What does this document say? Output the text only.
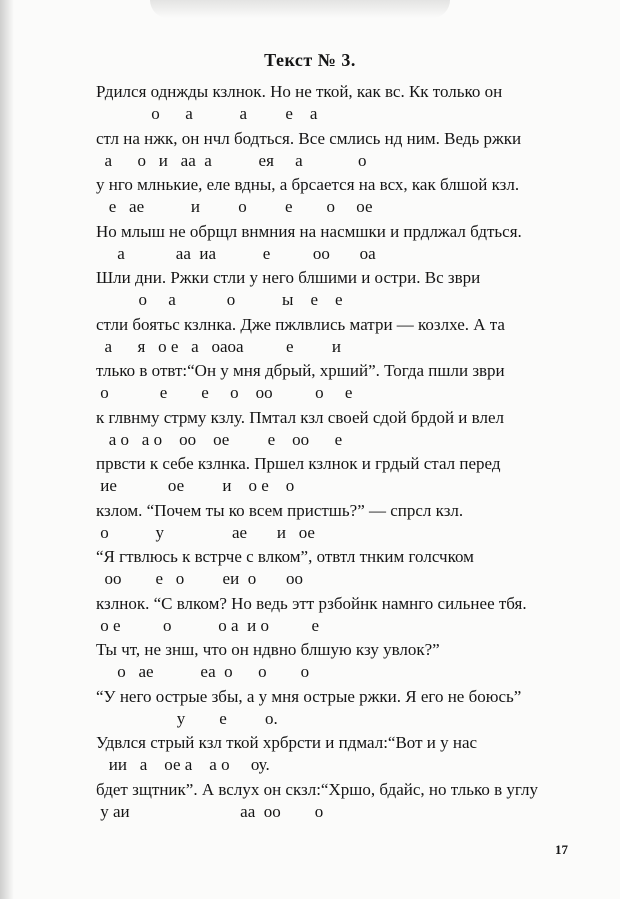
Текст № 3.
Рдился однжды кзлнок. Но не ткой, как вс. Кк только он
о      а           а         е    а
стл на нжк, он нчл бодться. Все смлись нд ним. Ведь ржки
а      о   и   аа  а           ея     а             о
у нго млнькие, еле вдны, а брсается на всх, как блшой кзл.
е   ае           и         о         е        о     ое
Но млыш не обрщл внмния на насмшки и прдлжал бдться.
а            аа  иа           е          оо       оа
Шли дни. Ржки стли у него блшими и остри. Вс зври
о     а            о           ы    е    е
стли боятьс кзлнка. Дже пжлвлись матри — козлхе. А та
а      я   о е   а   оаоа          е         и
тлько в отвт:“Он у мня дбрый, хрший”. Тогда пшли зври
о            е        е     о    оо          о     е
к глвнму стрму кзлу. Пмтал кзл своей сдой брдой и влел
а о   а о    оо    ое         е    оо      е
првсти к себе кзлнка. Пршел кзлнок и грдый стал перед
ие            ое         и    о е    о
кзлом. “Почем ты ко всем пристшь?” — спрсл кзл.
о           у                ае       и   ое
“Я гтвлюсь к встрче с влком”, отвтл тнким голсчком
оо        е   о         еи  о       оо
кзлнок. “С влком? Но ведь этт рзбойнк намнго сильнее тбя.
о е          о           о а  и о          е
Ты чт, не знш, что он ндвно блшую кзу увлок?”
о   ае           еа  о      о        о
“У него острые збы, а у мня острые ржки. Я его не боюсь”
у        е         о.
Удвлся стрый кзл ткой хрбрсти и пдмал:“Вот и у нас
ии   а    ое а    а о     оу.
бдет зщтник”. А вслух он скзл:“Хршо, бдайс, но тлько в углу
у аи                          аа  оо        о
17
